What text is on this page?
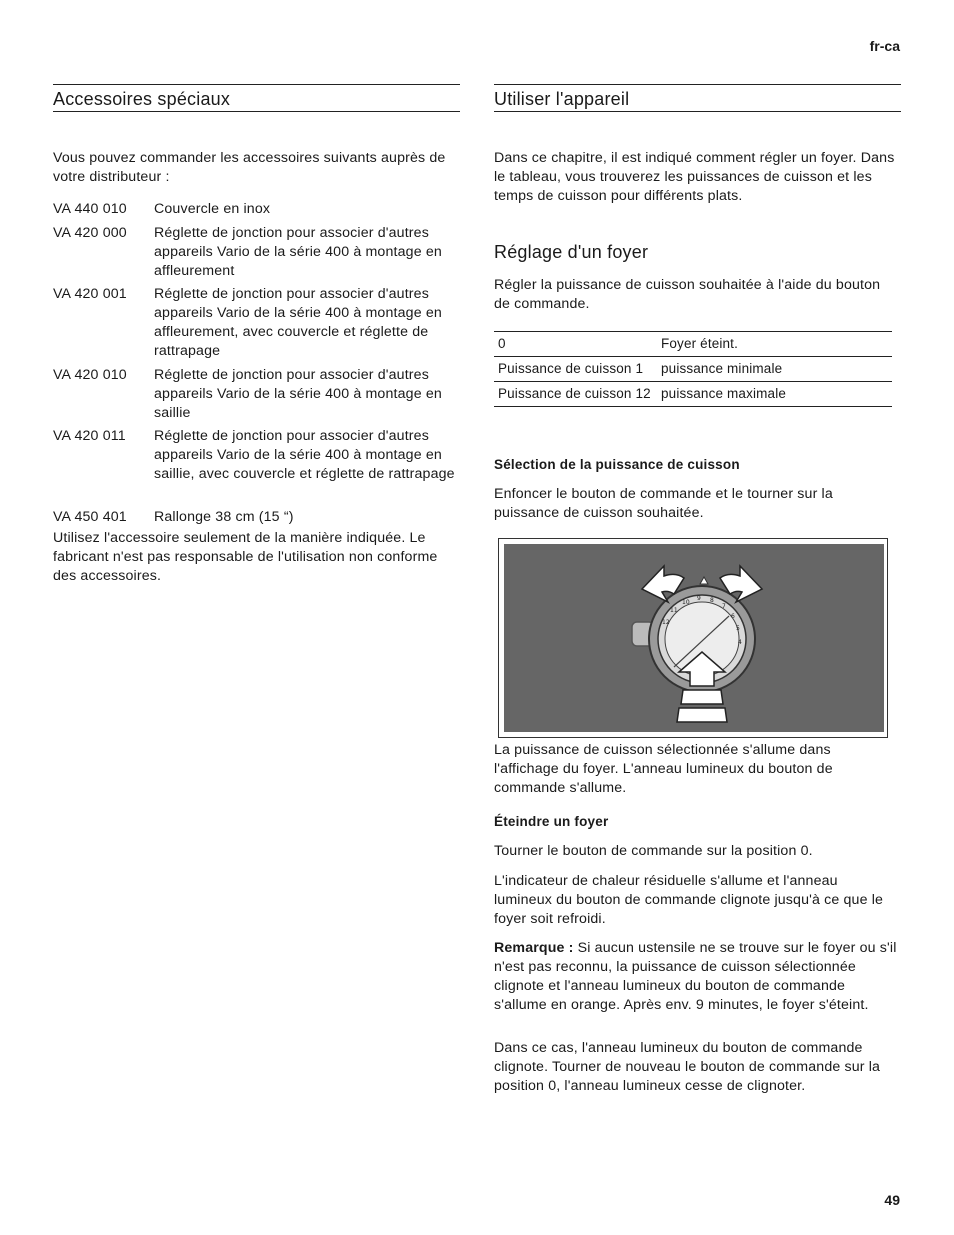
fr-ca
Accessoires spéciaux

Vous pouvez commander les accessoires suivants auprès de votre distributeur :

VA 440 010	Couvercle en inox
VA 420 000	Réglette de jonction pour associer d'autres appareils Vario de la série 400 à montage en affleurement
VA 420 001	Réglette de jonction pour associer d'autres appareils Vario de la série 400 à montage en affleurement, avec couvercle et réglette de rattrapage
VA 420 010	Réglette de jonction pour associer d'autres appareils Vario de la série 400 à montage en saillie
VA 420 011	Réglette de jonction pour associer d'autres appareils Vario de la série 400 à montage en saillie, avec couvercle et réglette de rattrapage
VA 450 401	Rallonge 38 cm (15 “)

Utilisez l'accessoire seulement de la manière indiquée. Le fabricant n'est pas responsable de l'utilisation non conforme des accessoires.

Utiliser l'appareil

Dans ce chapitre, il est indiqué comment régler un foyer. Dans le tableau, vous trouverez les puissances de cuisson et les temps de cuisson pour différents plats.

Réglage d'un foyer

Régler la puissance de cuisson souhaitée à l'aide du bouton de commande.

0	Foyer éteint.
Puissance de cuisson 1	puissance minimale
Puissance de cuisson 12	puissance maximale
Sélection de la puissance de cuisson

Enfoncer le bouton de commande et le tourner sur la puissance de cuisson souhaitée.

12
11
10
9 8
7
6
5
4

La puissance de cuisson sélectionnée s'allume dans l'affichage du foyer. L'anneau lumineux du bouton de commande s'allume.

Éteindre un foyer

Tourner le bouton de commande sur la position 0.

L'indicateur de chaleur résiduelle s'allume et l'anneau lumineux du bouton de commande clignote jusqu'à ce que le foyer soit refroidi.

Remarque : Si aucun ustensile ne se trouve sur le foyer ou s'il n'est pas reconnu, la puissance de cuisson sélectionnée clignote et l'anneau lumineux du bouton de commande s'allume en orange. Après env. 9 minutes, le foyer s'éteint.

Dans ce cas, l'anneau lumineux du bouton de commande clignote. Tourner de nouveau le bouton de commande sur la position 0, l'anneau lumineux cesse de clignoter.

49
